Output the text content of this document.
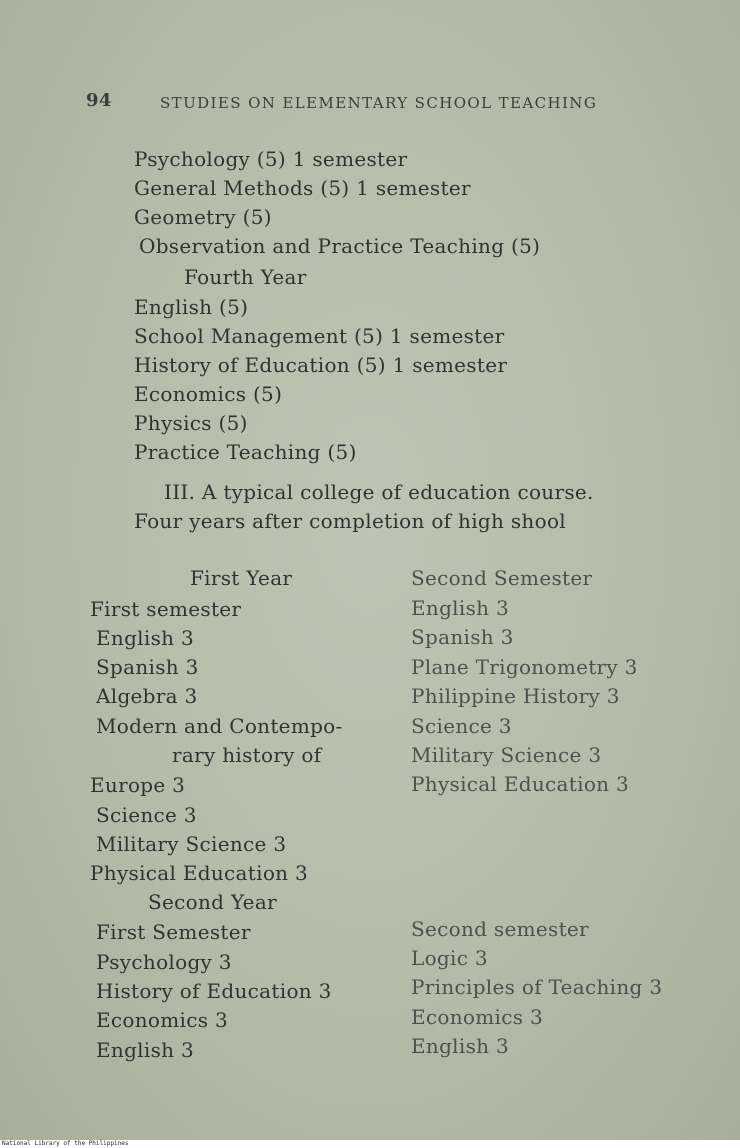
94	STUDIES ON ELEMENTARY SCHOOL TEACHING
Psychology (5) 1 semester
General Methods (5) 1 semester
Geometry (5)
Observation and Practice Teaching (5)
Fourth Year
English (5)
School Management (5) 1 semester
History of Education (5) 1 semester
Economics (5)
Physics (5)
Practice Teaching (5)
III. A typical college of education course.
Four years after completion of high shool
First Year
First semester
English 3
Spanish 3
Algebra 3
Modern and Contempo-
rary history of
Europe 3
Science 3
Military Science 3
Physical Education 3
Second Semester
English 3
Spanish 3
Plane Trigonometry 3
Philippine History 3
Science 3
Military Science 3
Physical Education 3
Second Year
First Semester
Psychology 3
History of Education 3
Economics 3
English 3
Second semester
Logic 3
Principles of Teaching 3
Economics 3
English 3
National Library of the Philippines
